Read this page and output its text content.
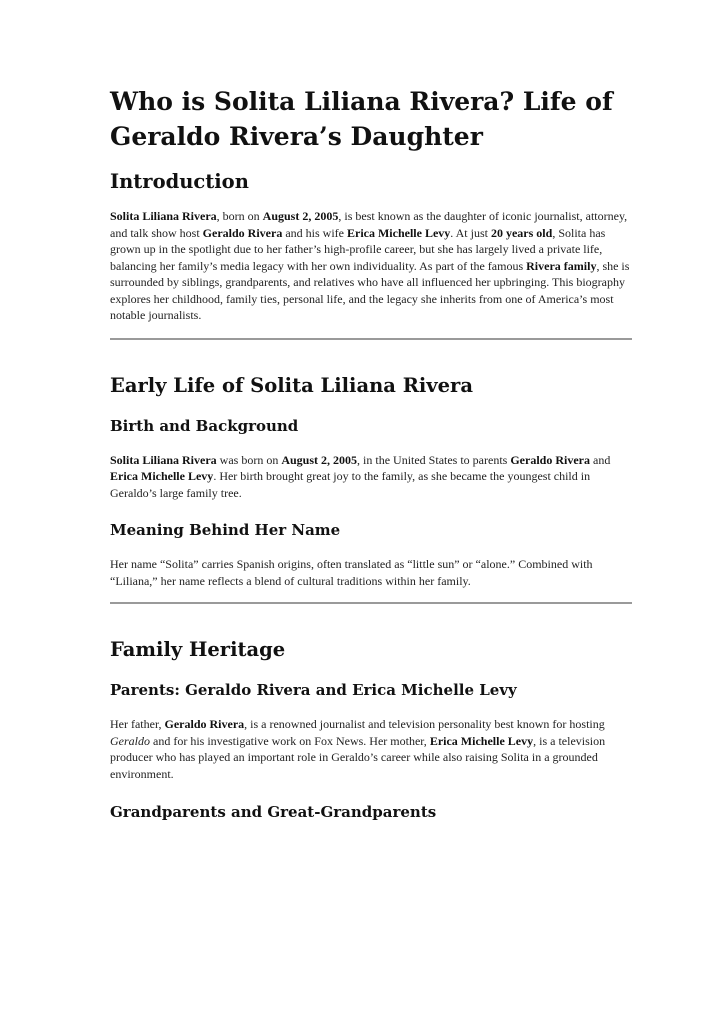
Who is Solita Liliana Rivera? Life of Geraldo Rivera’s Daughter
Introduction

Solita Liliana Rivera, born on August 2, 2005, is best known as the daughter of iconic journalist, attorney, and talk show host Geraldo Rivera and his wife Erica Michelle Levy. At just 20 years old, Solita has grown up in the spotlight due to her father’s high-profile career, but she has largely lived a private life, balancing her family’s media legacy with her own individuality. As part of the famous Rivera family, she is surrounded by siblings, grandparents, and relatives who have all influenced her upbringing. This biography explores her childhood, family ties, personal life, and the legacy she inherits from one of America’s most notable journalists.

Early Life of Solita Liliana Rivera
Birth and Background

Solita Liliana Rivera was born on August 2, 2005, in the United States to parents Geraldo Rivera and Erica Michelle Levy. Her birth brought great joy to the family, as she became the youngest child in Geraldo’s large family tree.

Meaning Behind Her Name

Her name “Solita” carries Spanish origins, often translated as “little sun” or “alone.” Combined with “Liliana,” her name reflects a blend of cultural traditions within her family.

Family Heritage
Parents: Geraldo Rivera and Erica Michelle Levy

Her father, Geraldo Rivera, is a renowned journalist and television personality best known for hosting Geraldo and for his investigative work on Fox News. Her mother, Erica Michelle Levy, is a television producer who has played an important role in Geraldo’s career while also raising Solita in a grounded environment.

Grandparents and Great-Grandparents
